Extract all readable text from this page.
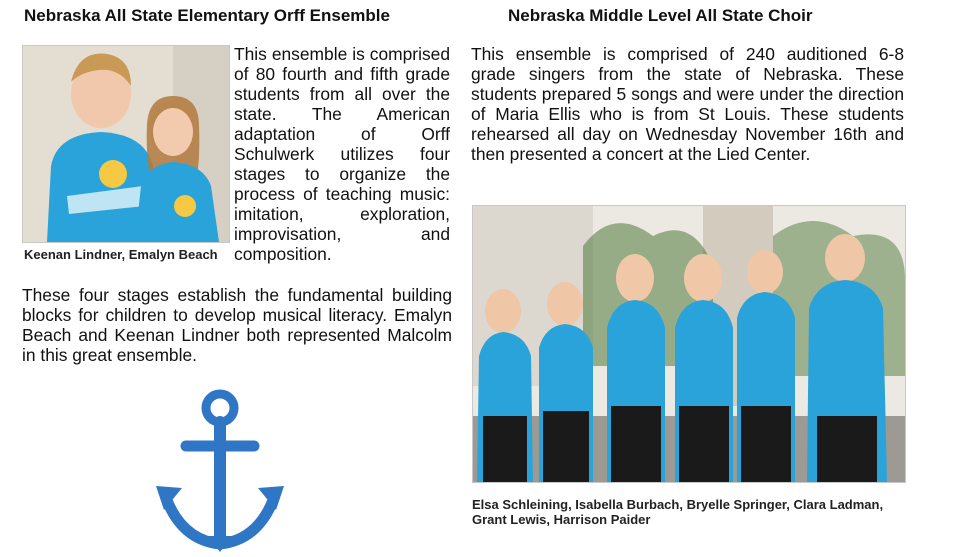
Nebraska All State Elementary Orff Ensemble
Keenan Lindner, Emalyn Beach

This ensemble is comprised of 80 fourth and fifth grade students from all over the state. The American adaptation of Orff Schulwerk utilizes four stages to organize the process of teaching music: imitation, exploration, improvisation, and composition.

These four stages establish the fundamental building blocks for children to develop musical literacy. Emalyn Beach and Keenan Lindner both represented Malcolm in this great ensemble.

Nebraska Middle Level All State Choir

This ensemble is comprised of 240 auditioned 6-8 grade singers from the state of Nebraska. These students prepared 5 songs and were under the direction of Maria Ellis who is from St Louis. These students rehearsed all day on Wednesday November 16th and then presented a concert at the Lied Center.

Elsa Schleining, Isabella Burbach, Bryelle Springer, Clara Ladman, Grant Lewis, Harrison Paider
